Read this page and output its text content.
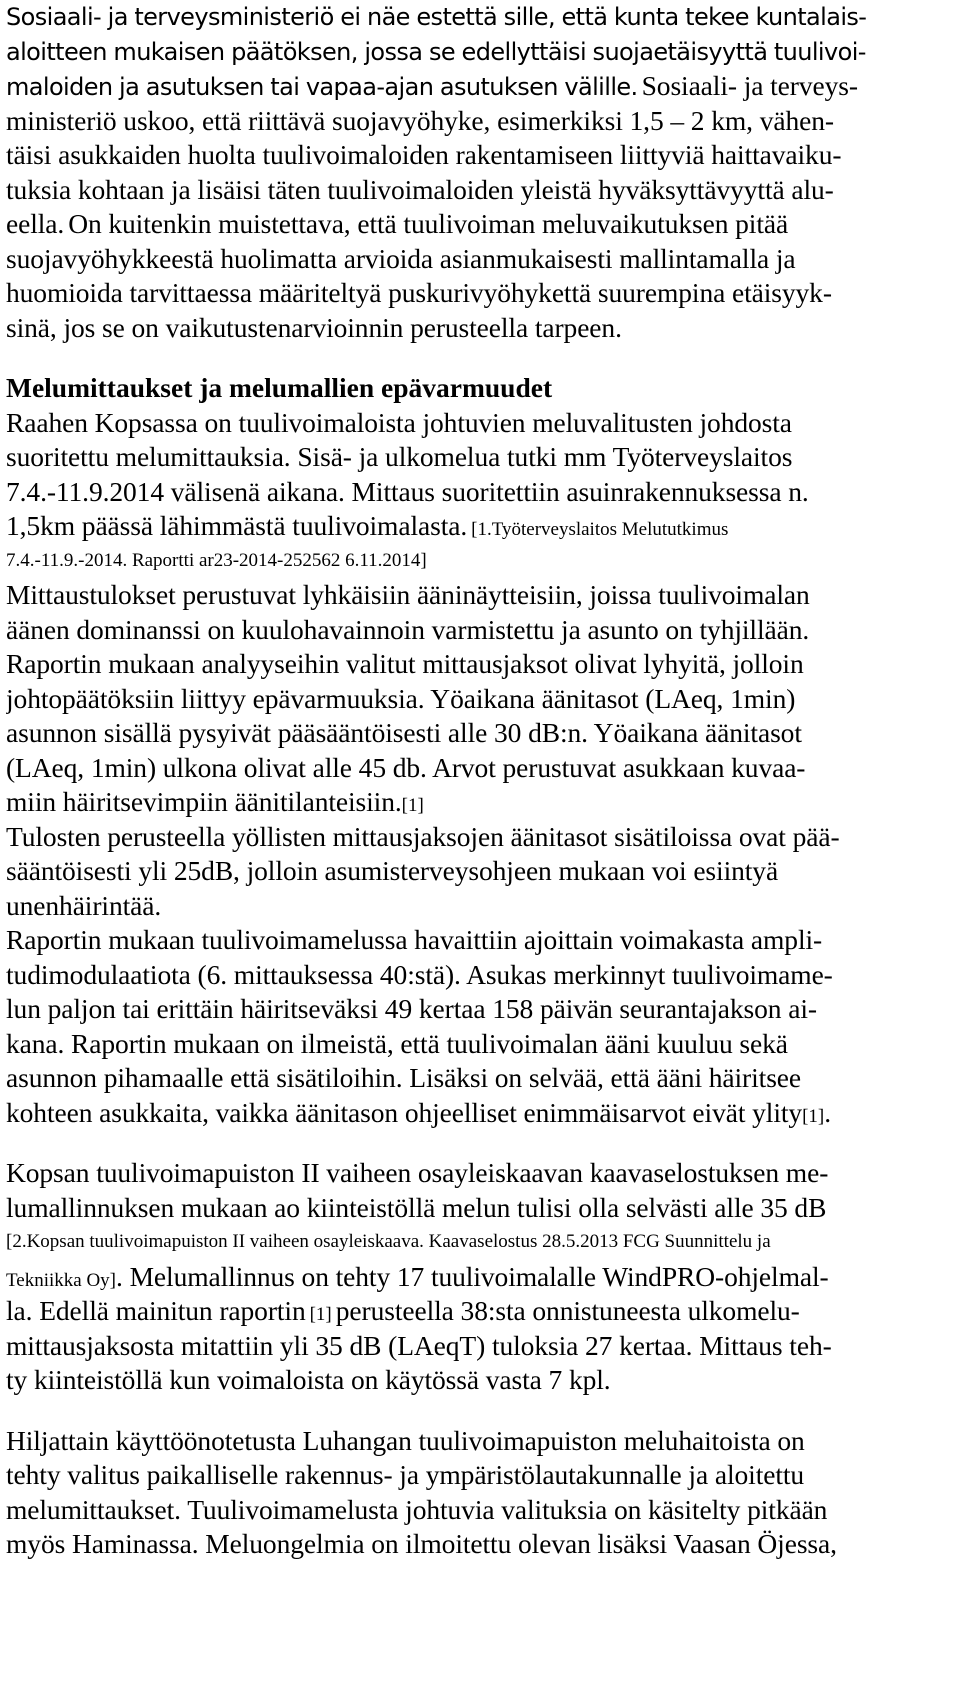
Sosiaali- ja terveysministeriö ei näe estettä sille, että kunta tekee kuntalais-
aloitteen mukaisen päätöksen, jossa se edellyttäisi suojaetäisyyttä tuulivoi-
maloiden ja asutuksen tai vapaa-ajan asutuksen välille. Sosiaali- ja terveys-
ministeriö uskoo, että riittävä suojavyöhyke, esimerkiksi 1,5 – 2 km, vähen-
täisi asukkaiden huolta tuulivoimaloiden rakentamiseen liittyviä haittavaiku-
tuksia kohtaan ja lisäisi täten tuulivoimaloiden yleistä hyväksyttävyyttä alu-
eella. On kuitenkin muistettava, että tuulivoiman meluvaikutuksen pitää
suojavyöhykkeestä huolimatta arvioida asianmukaisesti mallintamalla ja
huomioida tarvittaessa määriteltyä puskurivyöhykettä suurempina etäisyyk-
sinä, jos se on vaikutustenarvioinnin perusteella tarpeen.
Melumittaukset ja melumallien epävarmuudet
Raahen Kopsassa on tuulivoimaloista johtuvien meluvalitusten johdosta
suoritettu melumittauksia. Sisä- ja ulkomelua tutki mm Työterveyslaitos
7.4.-11.9.2014 välisenä aikana. Mittaus suoritettiin asuinrakennuksessa n.
1,5km päässä lähimmästä tuulivoimalasta. [1.Työterveyslaitos Melututkimus
7.4.-11.9.-2014. Raportti ar23-2014-252562 6.11.2014]
Mittaustulokset perustuvat lyhkäisiin ääninäytteisiin, joissa tuulivoimalan
äänen dominanssi on kuulohavainnoin varmistettu ja asunto on tyhjillään.
Raportin mukaan analyyseihin valitut mittausjaksot olivat lyhyitä, jolloin
johtopäätöksiin liittyy epävarmuuksia. Yöaikana äänitasot (LAeq, 1min)
asunnon sisällä pysyivät pääsääntöisesti alle 30 dB:n. Yöaikana äänitasot
(LAeq, 1min) ulkona olivat alle 45 db. Arvot perustuvat asukkaan kuvaa-
miin häiritsevimpiin äänitilanteisiin.[1]
Tulosten perusteella yöllisten mittausjaksojen äänitasot sisätiloissa ovat pää-
sääntöisesti yli 25dB, jolloin asumisterveysohjeen mukaan voi esiintyä
unenhäirintää.
Raportin mukaan tuulivoimamelussa havaittiin ajoittain voimakasta ampli-
tudimodulaatiota (6. mittauksessa 40:stä). Asukas merkinnyt tuulivoimame-
lun paljon tai erittäin häiritseväksi 49 kertaa 158 päivän seurantajakson ai-
kana. Raportin mukaan on ilmeistä, että tuulivoimalan ääni kuuluu sekä
asunnon pihamaalle että sisätiloihin. Lisäksi on selvää, että ääni häiritsee
kohteen asukkaita, vaikka äänitason ohjeelliset enimmäisarvot eivät ylity[1].
Kopsan tuulivoimapuiston II vaiheen osayleiskaavan kaavaselostuksen me-
lumallinnuksen mukaan ao kiinteistöllä melun tulisi olla selvästi alle 35 dB
[2.Kopsan tuulivoimapuiston II vaiheen osayleiskaava. Kaavaselostus 28.5.2013 FCG Suunnittelu ja
Tekniikka Oy]. Melumallinnus on tehty 17 tuulivoimalalle WindPRO-ohjelmal-
la. Edellä mainitun raportin [1] perusteella 38:sta onnistuneesta ulkomelu-
mittausjaksosta mitattiin yli 35 dB (LAeqT) tuloksia 27 kertaa. Mittaus teh-
ty kiinteistöllä kun voimaloista on käytössä vasta 7 kpl.
Hiljattain käyttöönotetusta Luhangan tuulivoimapuiston meluhaitoista on
tehty valitus paikalliselle rakennus- ja ympäristölautakunnalle ja aloitettu
melumittaukset. Tuulivoimamelusta johtuvia valituksia on käsitelty pitkään
myös Haminassa. Meluongelmia on ilmoitettu olevan lisäksi Vaasan Öjessa,
